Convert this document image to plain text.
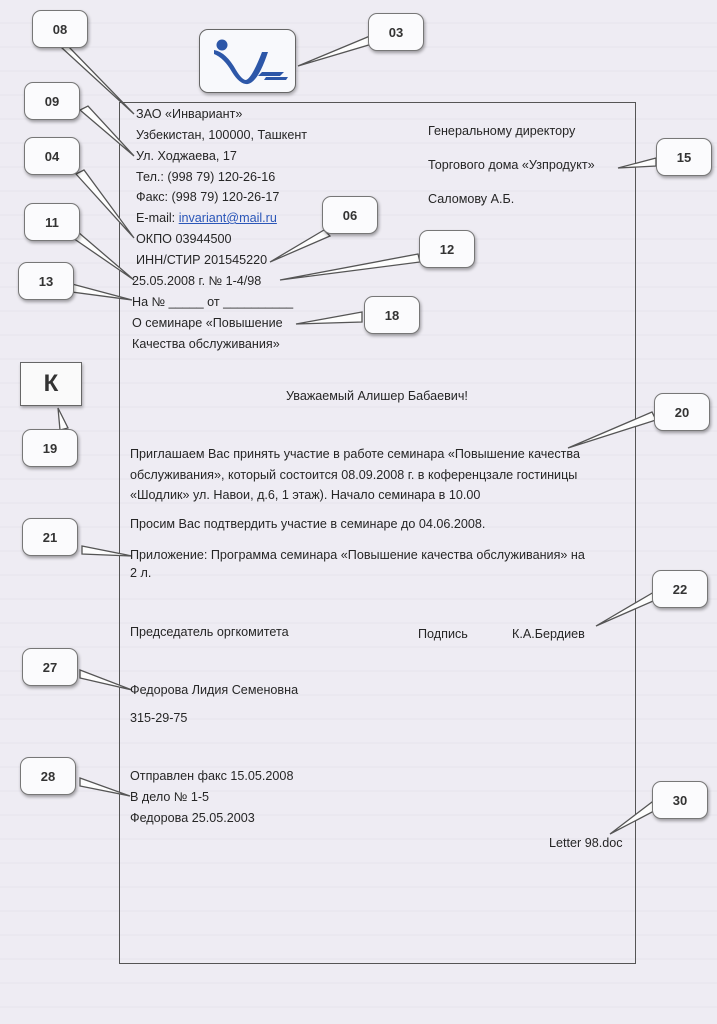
08	03
09
04
11	06
12
13
15
18
К
19
20
21
22
27
28
30
ЗАО «Инвариант»
Узбекистан, 100000, Ташкент
Ул. Ходжаева, 17
Тел.: (998 79) 120-26-16
Факс: (998 79) 120-26-17
E-mail: invariant@mail.ru
ОКПО 03944500
ИНН/СТИР 201545220
25.05.2008 г. № 1-4/98
На № _____ от __________
О семинаре «Повышение
Качества обслуживания»
Генеральному директору
Торгового дома «Узпродукт»
Саломову А.Б.
Уважаемый Алишер Бабаевич!
Приглашаем Вас принять участие в работе семинара «Повышение качества
обслуживания», который состоится 08.09.2008 г. в коференцзале гостиницы
«Шодлик» ул. Навои, д.6, 1 этаж). Начало семинара в 10.00
Просим Вас подтвердить участие в семинаре до 04.06.2008.
Приложение: Программа семинара «Повышение качества обслуживания» на
2 л.
Председатель оргкомитета	Подпись	К.А.Бердиев
Федорова Лидия Семеновна
315-29-75
Отправлен факс 15.05.2008
В дело № 1-5
Федорова 25.05.2003
Letter 98.doc
